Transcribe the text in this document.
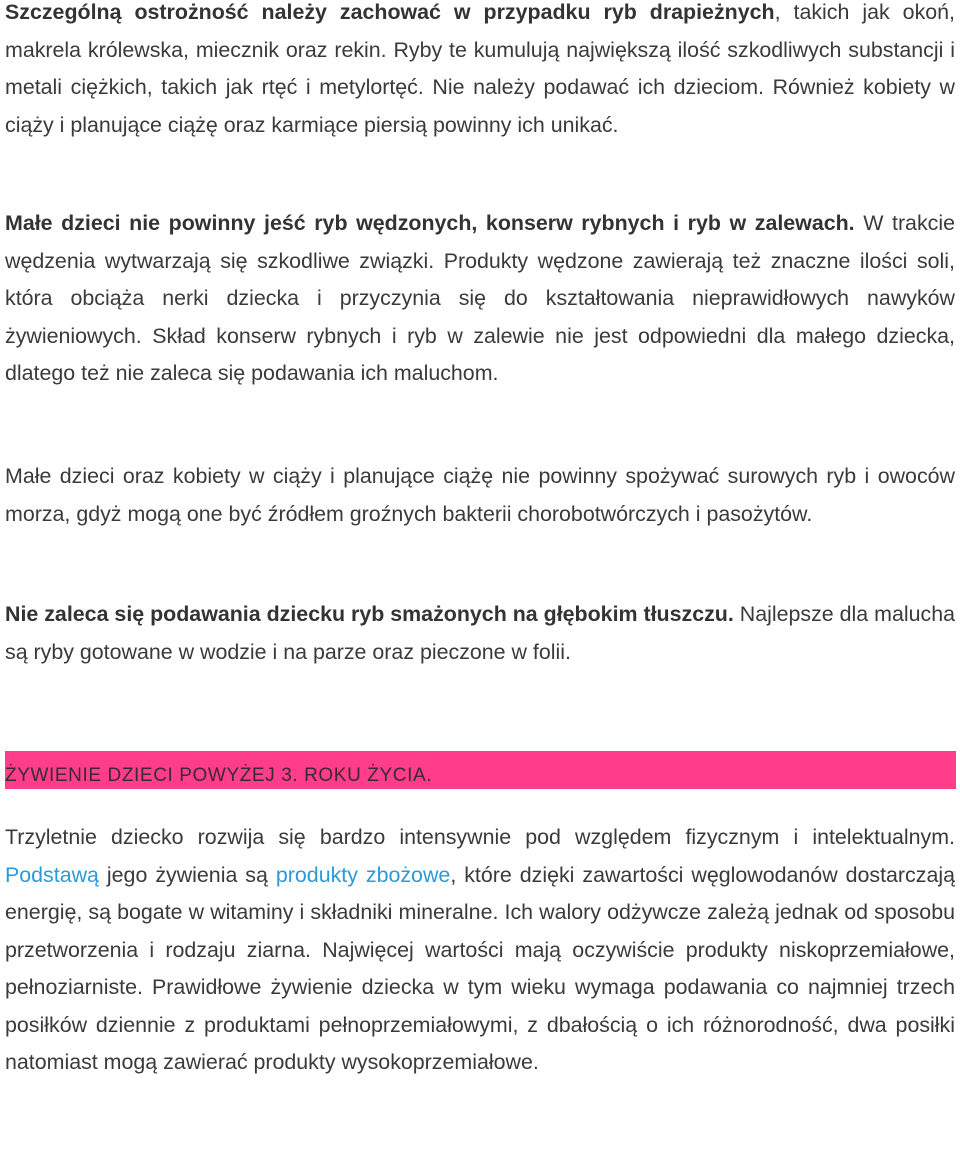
Szczególną ostrożność należy zachować w przypadku ryb drapieżnych, takich jak okoń, makrela królewska, miecznik oraz rekin. Ryby te kumulują największą ilość szkodliwych substancji i metali ciężkich, takich jak rtęć i metylortęć. Nie należy podawać ich dzieciom. Również kobiety w ciąży i planujące ciążę oraz karmiące piersią powinny ich unikać.

Małe dzieci nie powinny jeść ryb wędzonych, konserw rybnych i ryb w zalewach. W trakcie wędzenia wytwarzają się szkodliwe związki. Produkty wędzone zawierają też znaczne ilości soli, która obciąża nerki dziecka i przyczynia się do kształtowania nieprawidłowych nawyków żywieniowych. Skład konserw rybnych i ryb w zalewie nie jest odpowiedni dla małego dziecka, dlatego też nie zaleca się podawania ich maluchom.

Małe dzieci oraz kobiety w ciąży i planujące ciążę nie powinny spożywać surowych ryb i owoców morza, gdyż mogą one być źródłem groźnych bakterii chorobotwórczych i pasożytów.

Nie zaleca się podawania dziecku ryb smażonych na głębokim tłuszczu. Najlepsze dla malucha są ryby gotowane w wodzie i na parze oraz pieczone w folii.

ŻYWIENIE DZIECI POWYŻEJ 3. ROKU ŻYCIA.

Trzyletnie dziecko rozwija się bardzo intensywnie pod względem fizycznym i intelektualnym. Podstawą jego żywienia są produkty zbożowe, które dzięki zawartości węglowodanów dostarczają energię, są bogate w witaminy i składniki mineralne. Ich walory odżywcze zależą jednak od sposobu przetworzenia i rodzaju ziarna. Najwięcej wartości mają oczywiście produkty niskoprzemiałowe, pełnoziarniste. Prawidłowe żywienie dziecka w tym wieku wymaga podawania co najmniej trzech posiłków dziennie z produktami pełnoprzemiałowymi, z dbałością o ich różnorodność, dwa posiłki natomiast mogą zawierać produkty wysokoprzemiałowe.
